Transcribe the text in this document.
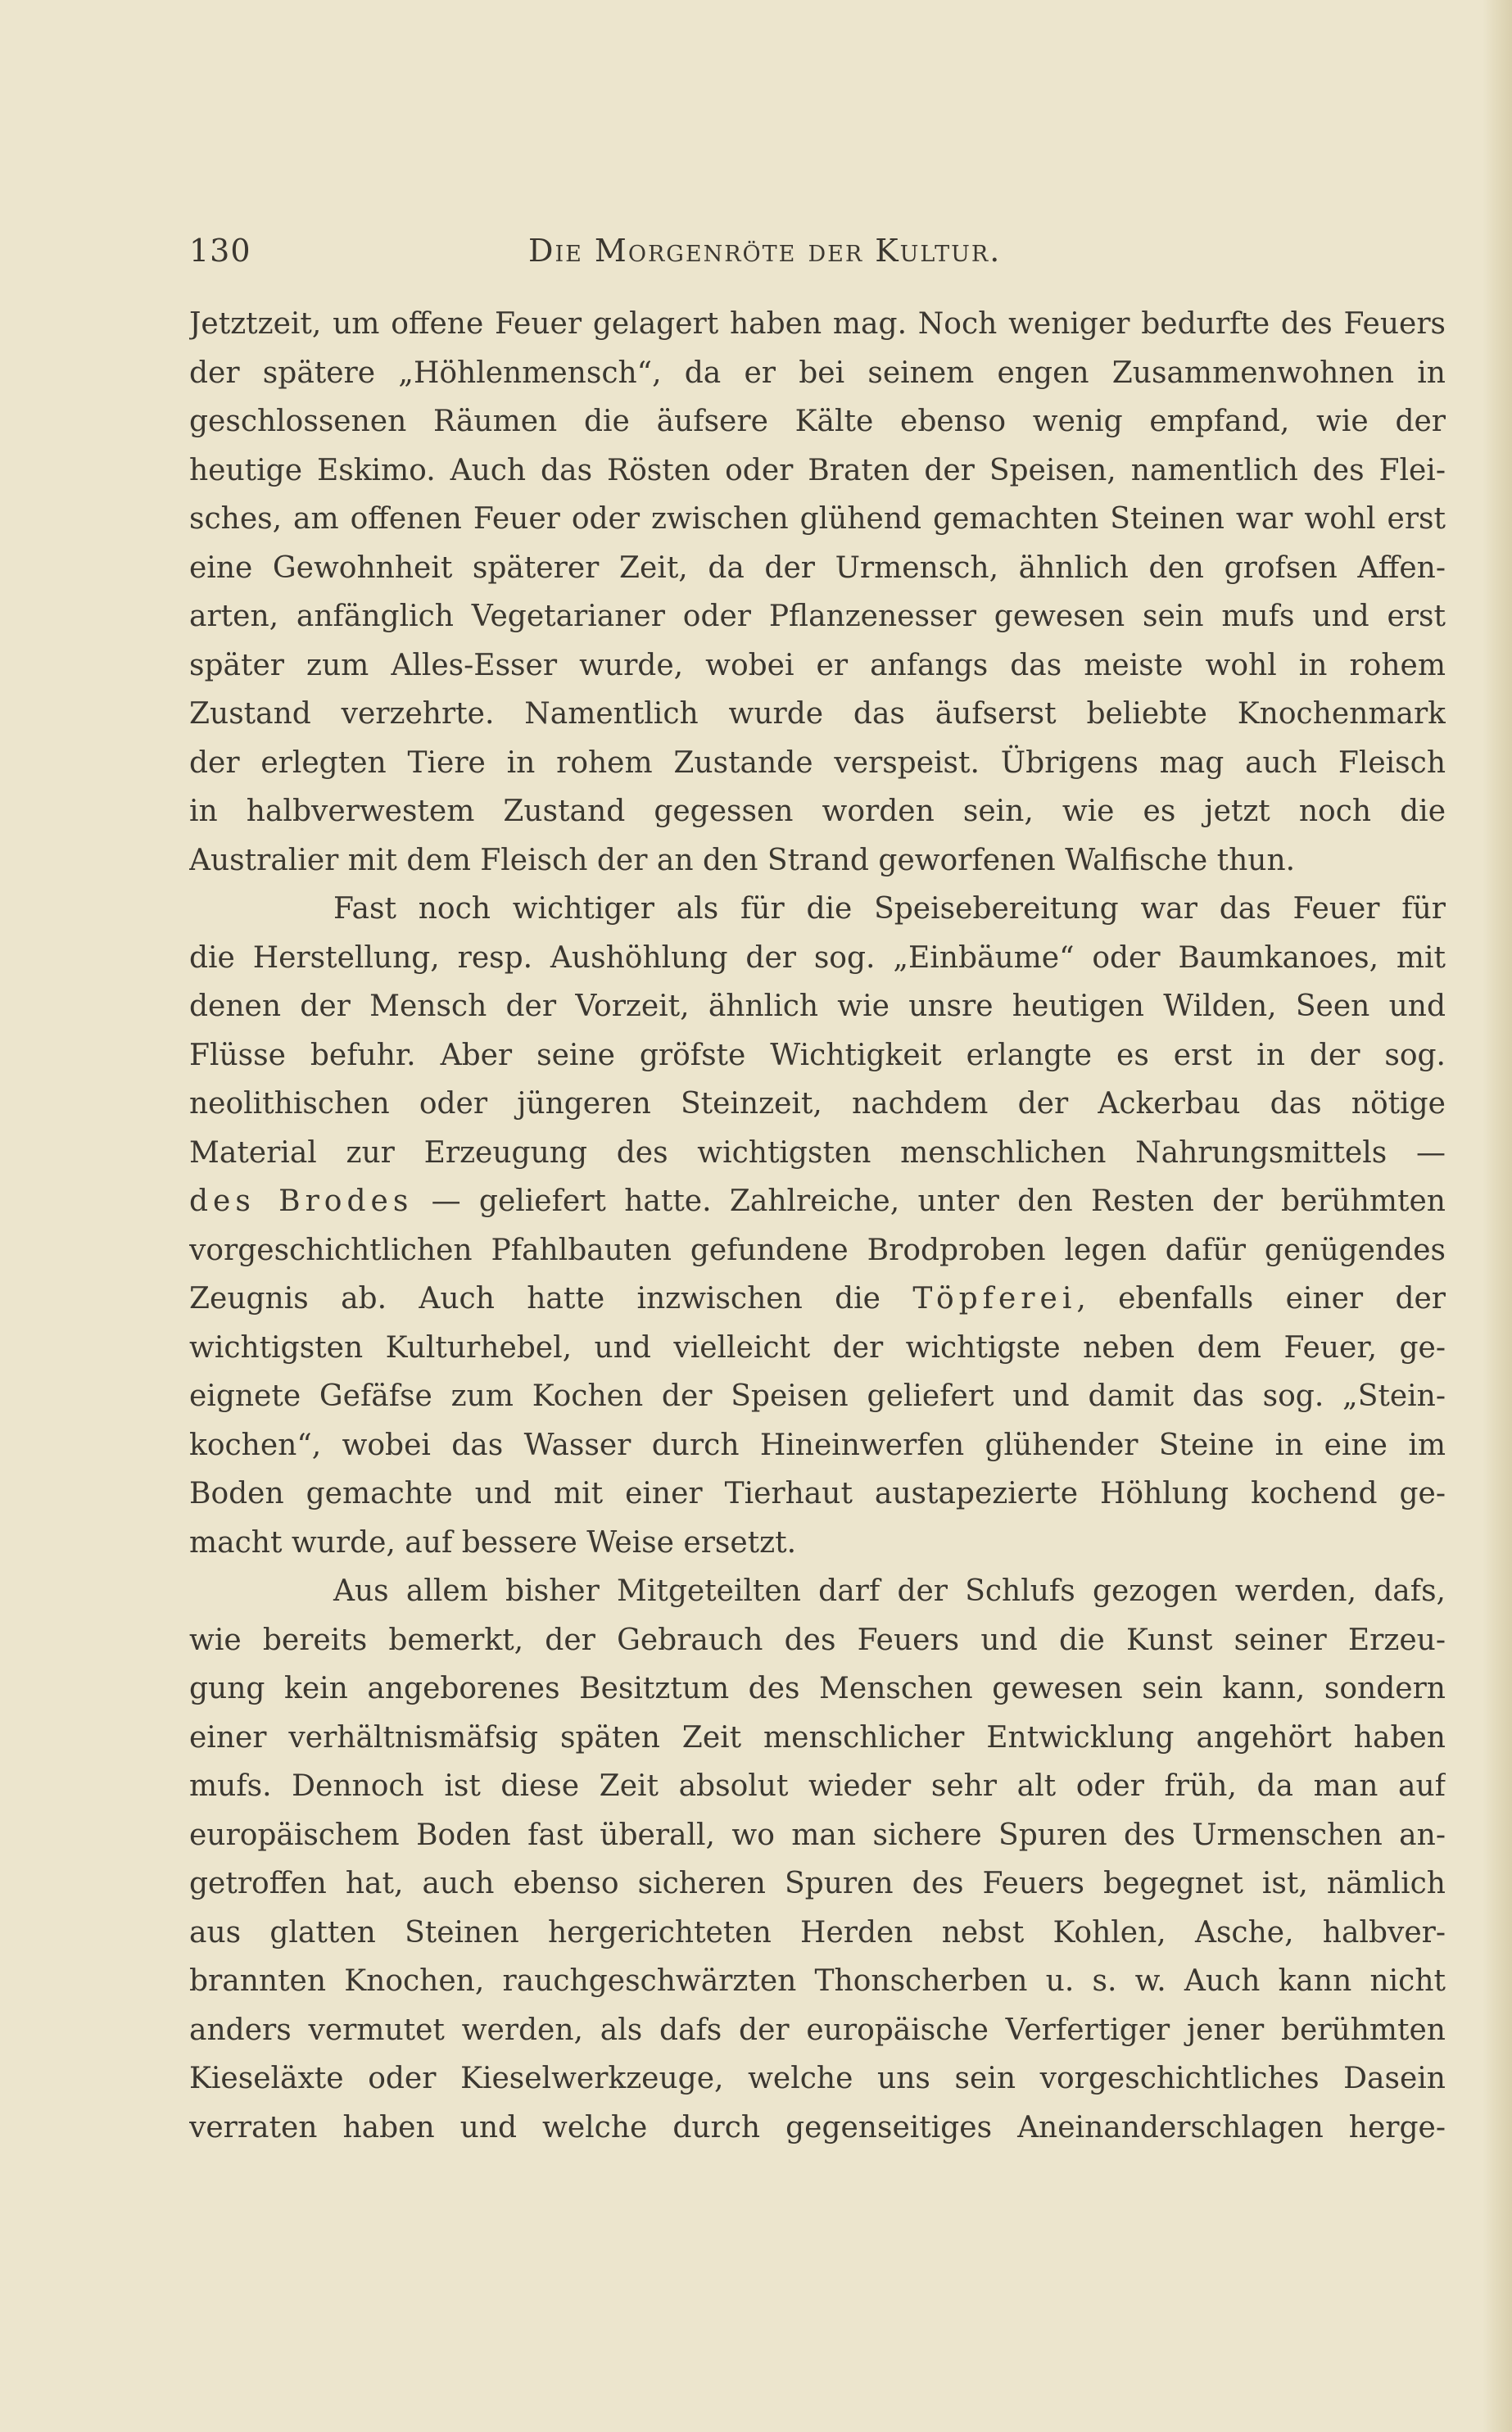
130	Die Morgenröte der Kultur.
Jetztzeit, um offene Feuer gelagert haben mag. Noch weniger bedurfte des Feuers
der spätere „Höhlenmensch“, da er bei seinem engen Zusammenwohnen in
geschlossenen Räumen die äufsere Kälte ebenso wenig empfand, wie der
heutige Eskimo. Auch das Rösten oder Braten der Speisen, namentlich des Flei-
sches, am offenen Feuer oder zwischen glühend gemachten Steinen war wohl erst
eine Gewohnheit späterer Zeit, da der Urmensch, ähnlich den grofsen Affen-
arten, anfänglich Vegetarianer oder Pflanzenesser gewesen sein mufs und erst
später zum Alles-Esser wurde, wobei er anfangs das meiste wohl in rohem
Zustand verzehrte. Namentlich wurde das äufserst beliebte Knochenmark
der erlegten Tiere in rohem Zustande verspeist. Übrigens mag auch Fleisch
in halbverwestem Zustand gegessen worden sein, wie es jetzt noch die
Australier mit dem Fleisch der an den Strand geworfenen Walfische thun.
Fast noch wichtiger als für die Speisebereitung war das Feuer für
die Herstellung, resp. Aushöhlung der sog. „Einbäume“ oder Baumkanoes, mit
denen der Mensch der Vorzeit, ähnlich wie unsre heutigen Wilden, Seen und
Flüsse befuhr. Aber seine gröfste Wichtigkeit erlangte es erst in der sog.
neolithischen oder jüngeren Steinzeit, nachdem der Ackerbau das nötige
Material zur Erzeugung des wichtigsten menschlichen Nahrungsmittels —
des Brodes — geliefert hatte. Zahlreiche, unter den Resten der berühmten
vorgeschichtlichen Pfahlbauten gefundene Brodproben legen dafür genügendes
Zeugnis ab. Auch hatte inzwischen die Töpferei, ebenfalls einer der
wichtigsten Kulturhebel, und vielleicht der wichtigste neben dem Feuer, ge-
eignete Gefäfse zum Kochen der Speisen geliefert und damit das sog. „Stein-
kochen“, wobei das Wasser durch Hineinwerfen glühender Steine in eine im
Boden gemachte und mit einer Tierhaut austapezierte Höhlung kochend ge-
macht wurde, auf bessere Weise ersetzt.
Aus allem bisher Mitgeteilten darf der Schlufs gezogen werden, dafs,
wie bereits bemerkt, der Gebrauch des Feuers und die Kunst seiner Erzeu-
gung kein angeborenes Besitztum des Menschen gewesen sein kann, sondern
einer verhältnismäfsig späten Zeit menschlicher Entwicklung angehört haben
mufs. Dennoch ist diese Zeit absolut wieder sehr alt oder früh, da man auf
europäischem Boden fast überall, wo man sichere Spuren des Urmenschen an-
getroffen hat, auch ebenso sicheren Spuren des Feuers begegnet ist, nämlich
aus glatten Steinen hergerichteten Herden nebst Kohlen, Asche, halbver-
brannten Knochen, rauchgeschwärzten Thonscherben u. s. w. Auch kann nicht
anders vermutet werden, als dafs der europäische Verfertiger jener berühmten
Kieseläxte oder Kieselwerkzeuge, welche uns sein vorgeschichtliches Dasein
verraten haben und welche durch gegenseitiges Aneinanderschlagen herge-
